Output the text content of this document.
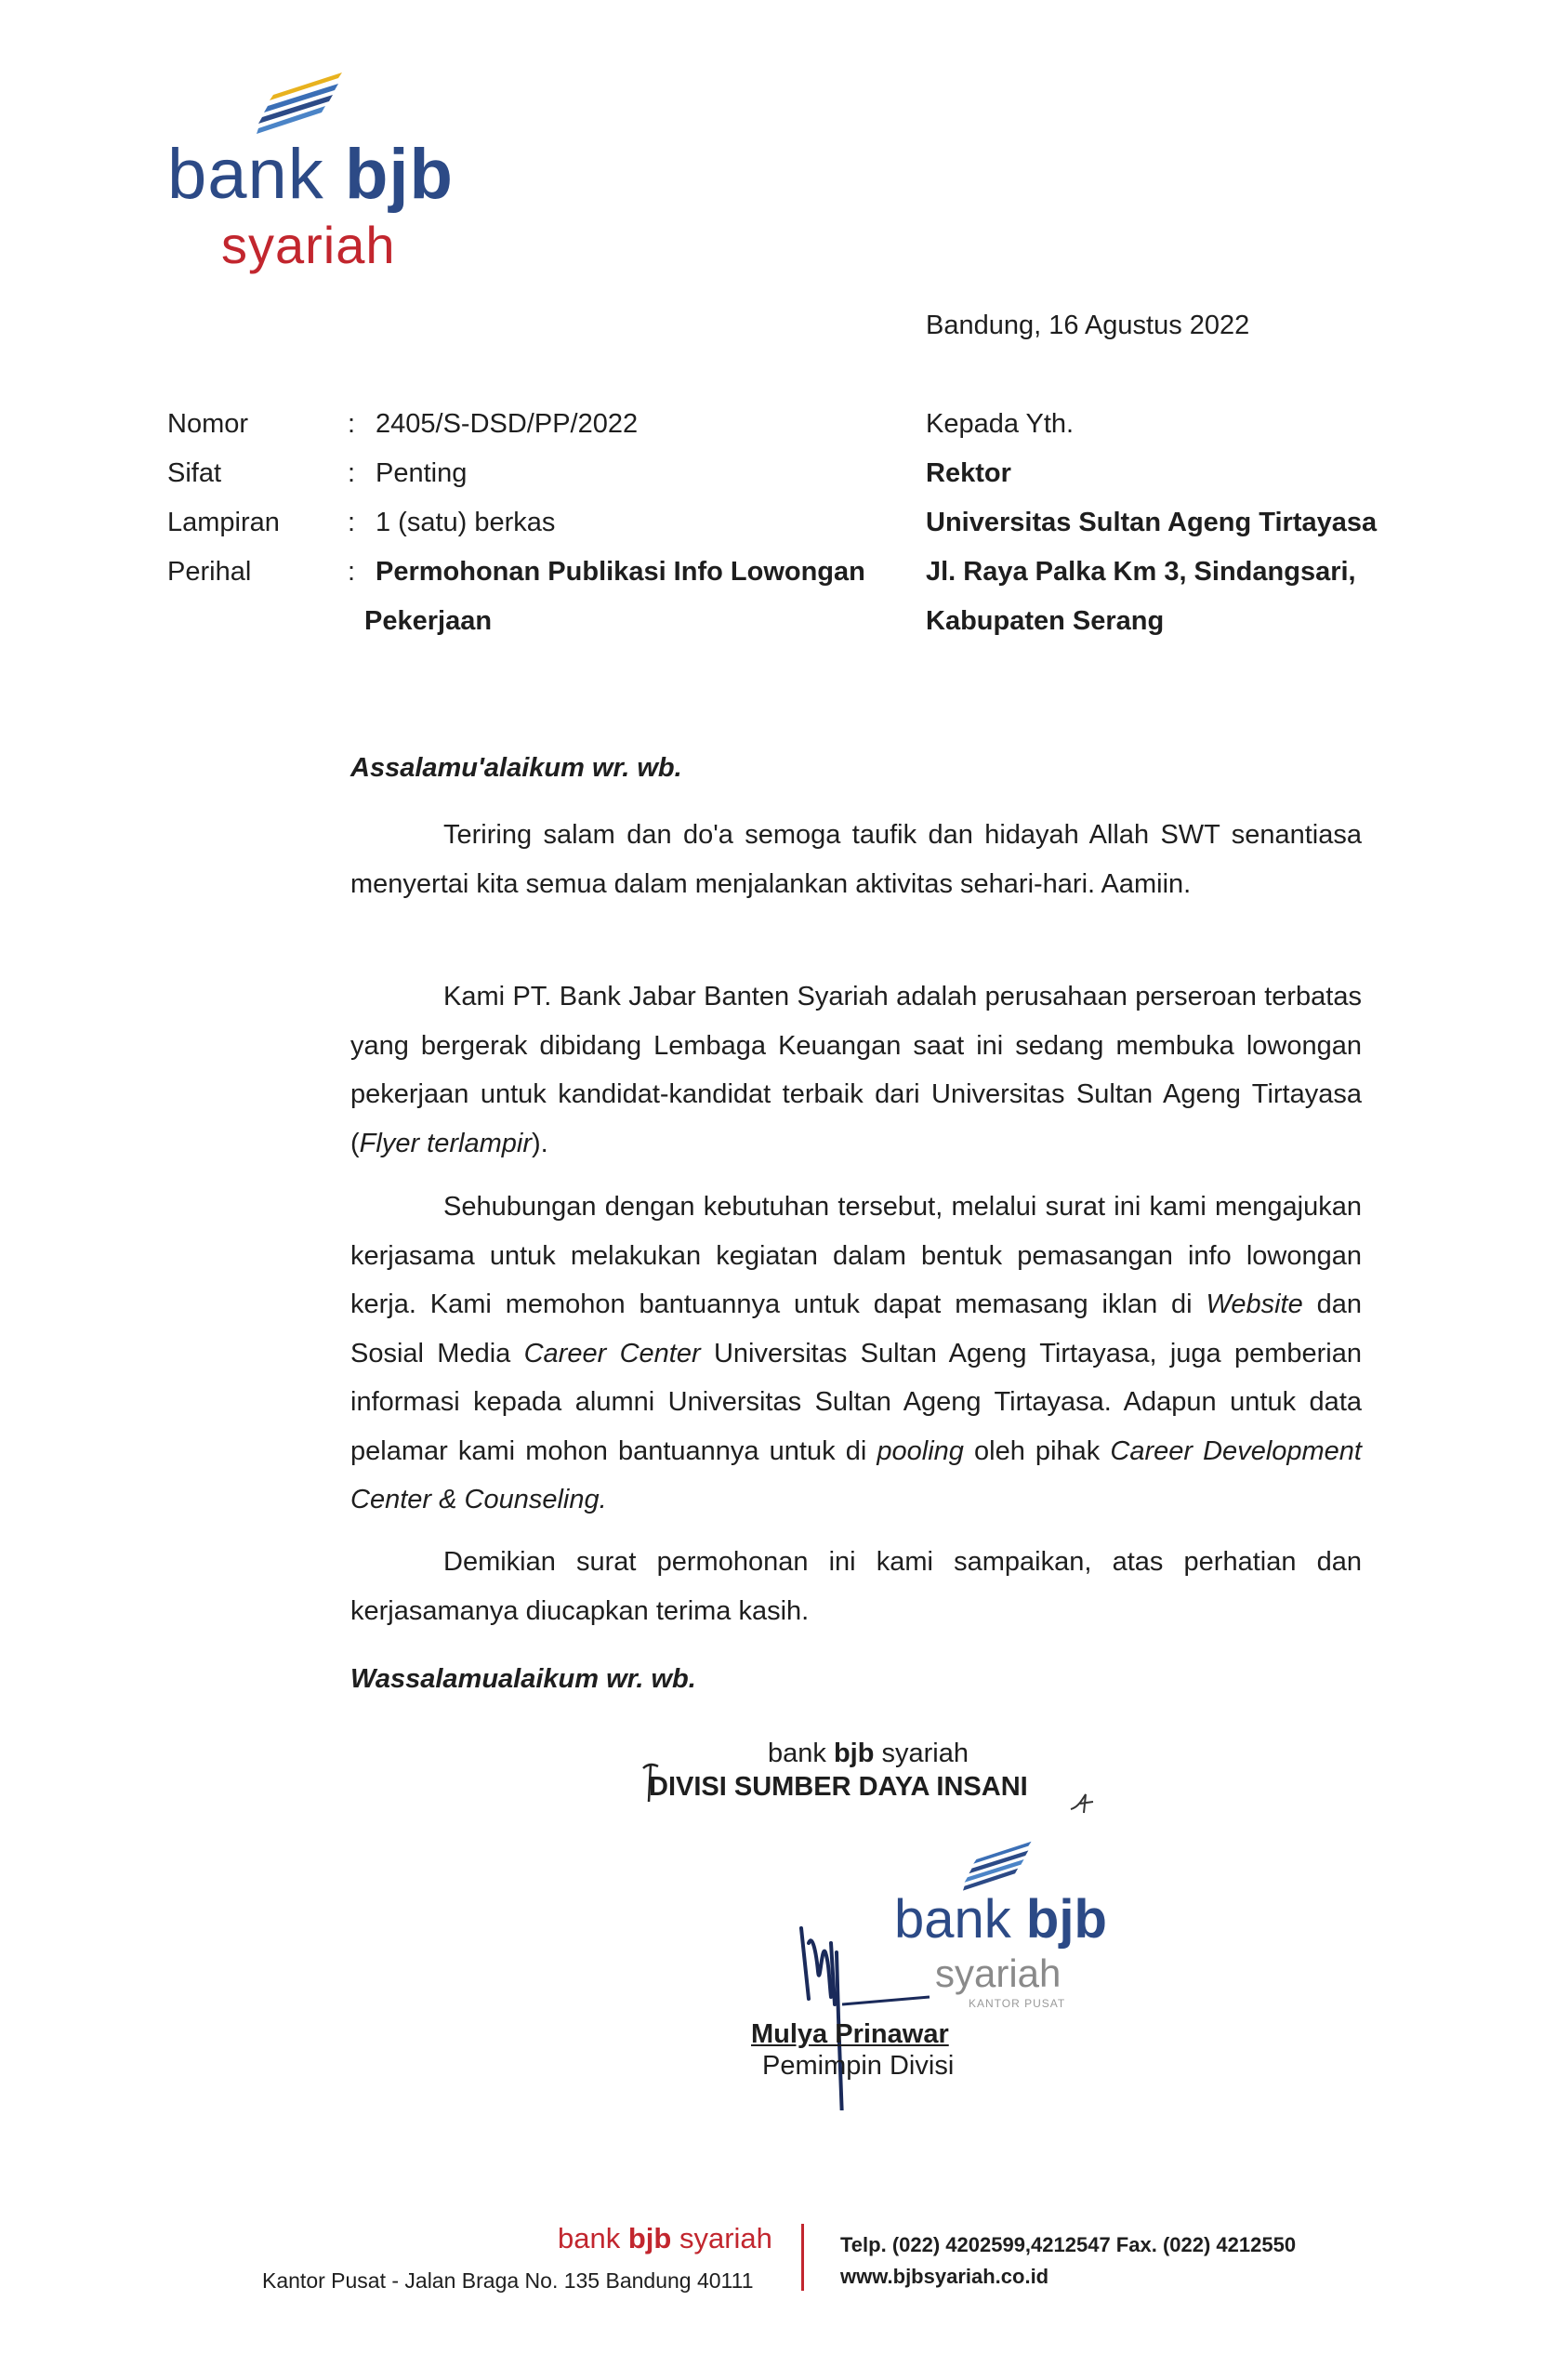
bank bjb
syariah
Bandung, 16 Agustus 2022
Nomor	: 2405/S-DSD/PP/2022
Sifat	: Penting
Lampiran	: 1 (satu) berkas
Perihal	: Permohonan Publikasi Info Lowongan
Pekerjaan
Kepada Yth.
Rektor
Universitas Sultan Ageng Tirtayasa
Jl. Raya Palka Km 3, Sindangsari,
Kabupaten Serang
Assalamu'alaikum wr. wb.
Teriring salam dan do'a semoga taufik dan hidayah Allah SWT senantiasa menyertai kita semua dalam menjalankan aktivitas sehari-hari. Aamiin.
Kami PT. Bank Jabar Banten Syariah adalah perusahaan perseroan terbatas yang bergerak dibidang Lembaga Keuangan saat ini sedang membuka lowongan pekerjaan untuk kandidat-kandidat terbaik dari Universitas Sultan Ageng Tirtayasa (Flyer terlampir).
Sehubungan dengan kebutuhan tersebut, melalui surat ini kami mengajukan kerjasama untuk melakukan kegiatan dalam bentuk pemasangan info lowongan kerja. Kami memohon bantuannya untuk dapat memasang iklan di Website dan Sosial Media Career Center Universitas Sultan Ageng Tirtayasa, juga pemberian informasi kepada alumni Universitas Sultan Ageng Tirtayasa. Adapun untuk data pelamar kami mohon bantuannya untuk di pooling oleh pihak Career Development Center & Counseling.
Demikian surat permohonan ini kami sampaikan, atas perhatian dan kerjasamanya diucapkan terima kasih.
Wassalamualaikum wr. wb.
bank bjb syariah
DIVISI SUMBER DAYA INSANI
bank bjb
syariah
KANTOR PUSAT
Mulya Prinawar
Pemimpin Divisi
bank bjb syariah
Kantor Pusat - Jalan Braga No. 135 Bandung 40111
Telp. (022) 4202599,4212547 Fax. (022) 4212550
www.bjbsyariah.co.id
